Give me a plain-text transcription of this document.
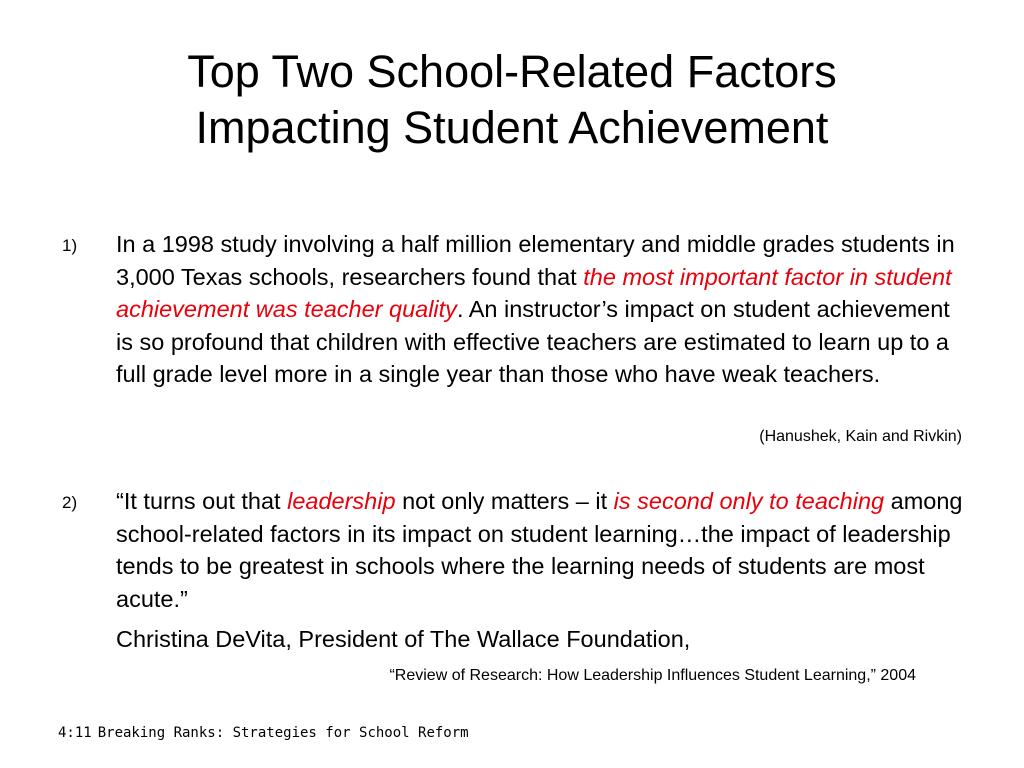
Top Two School-Related Factors
Impacting Student Achievement
1) In a 1998 study involving a half million elementary and middle grades students in 3,000 Texas schools, researchers found that the most important factor in student achievement was teacher quality. An instructor’s impact on student achievement is so profound that children with effective teachers are estimated to learn up to a full grade level more in a single year than those who have weak teachers.
(Hanushek, Kain and Rivkin)
2) “It turns out that leadership not only matters – it is second only to teaching among school-related factors in its impact on student learning…the impact of leadership tends to be greatest in schools where the learning needs of students are most acute.”
Christina DeVita, President of The Wallace Foundation,
“Review of Research: How Leadership Influences Student Learning,” 2004
4:11 Breaking Ranks: Strategies for School Reform
